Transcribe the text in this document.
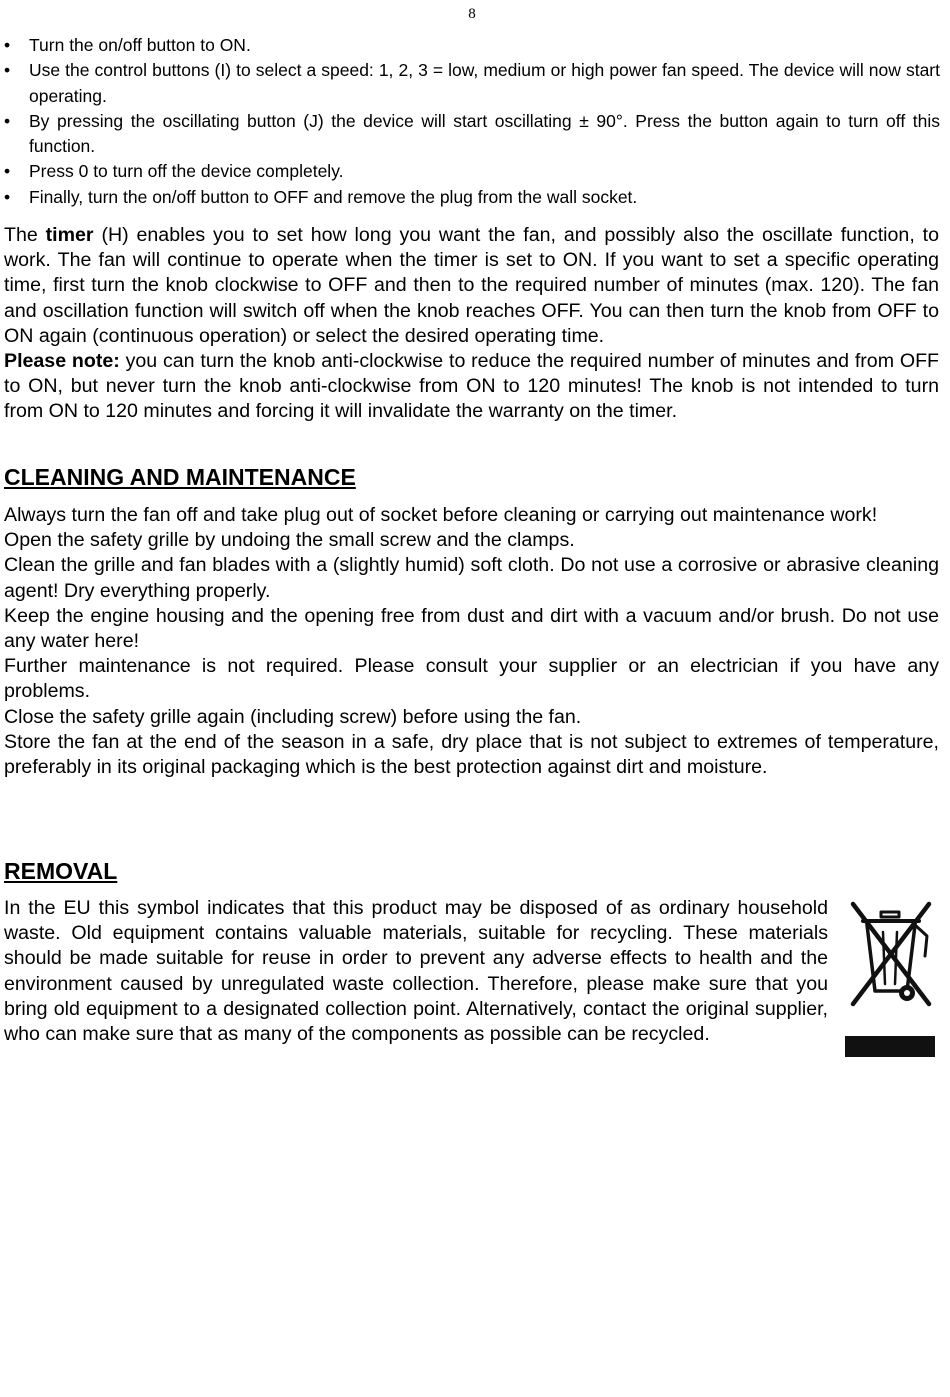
8
• Turn the on/off button to ON.
• Use the control buttons (I) to select a speed: 1, 2, 3 = low, medium or high power fan speed. The device will now start operating.
• By pressing the oscillating button (J) the device will start oscillating ± 90°. Press the button again to turn off this function.
• Press 0 to turn off the device completely.
• Finally, turn the on/off button to OFF and remove the plug from the wall socket.

The timer (H) enables you to set how long you want the fan, and possibly also the oscillate function, to work. The fan will continue to operate when the timer is set to ON. If you want to set a specific operating time, first turn the knob clockwise to OFF and then to the required number of minutes (max. 120). The fan and oscillation function will switch off when the knob reaches OFF. You can then turn the knob from OFF to ON again (continuous operation) or select the desired operating time.

Please note: you can turn the knob anti-clockwise to reduce the required number of minutes and from OFF to ON, but never turn the knob anti-clockwise from ON to 120 minutes! The knob is not intended to turn from ON to 120 minutes and forcing it will invalidate the warranty on the timer.

CLEANING AND MAINTENANCE

Always turn the fan off and take plug out of socket before cleaning or carrying out maintenance work!

Open the safety grille by undoing the small screw and the clamps.

Clean the grille and fan blades with a (slightly humid) soft cloth. Do not use a corrosive or abrasive cleaning agent! Dry everything properly.

Keep the engine housing and the opening free from dust and dirt with a vacuum and/or brush. Do not use any water here!

Further maintenance is not required. Please consult your supplier or an electrician if you have any problems.

Close the safety grille again (including screw) before using the fan.

Store the fan at the end of the season in a safe, dry place that is not subject to extremes of temperature, preferably in its original packaging which is the best protection against dirt and moisture.

REMOVAL

In the EU this symbol indicates that this product may be disposed of as ordinary household waste. Old equipment contains valuable materials, suitable for recycling. These materials should be made suitable for reuse in order to prevent any adverse effects to health and the environment caused by unregulated waste collection. Therefore, please make sure that you bring old equipment to a designated collection point. Alternatively, contact the original supplier, who can make sure that as many of the components as possible can be recycled.
